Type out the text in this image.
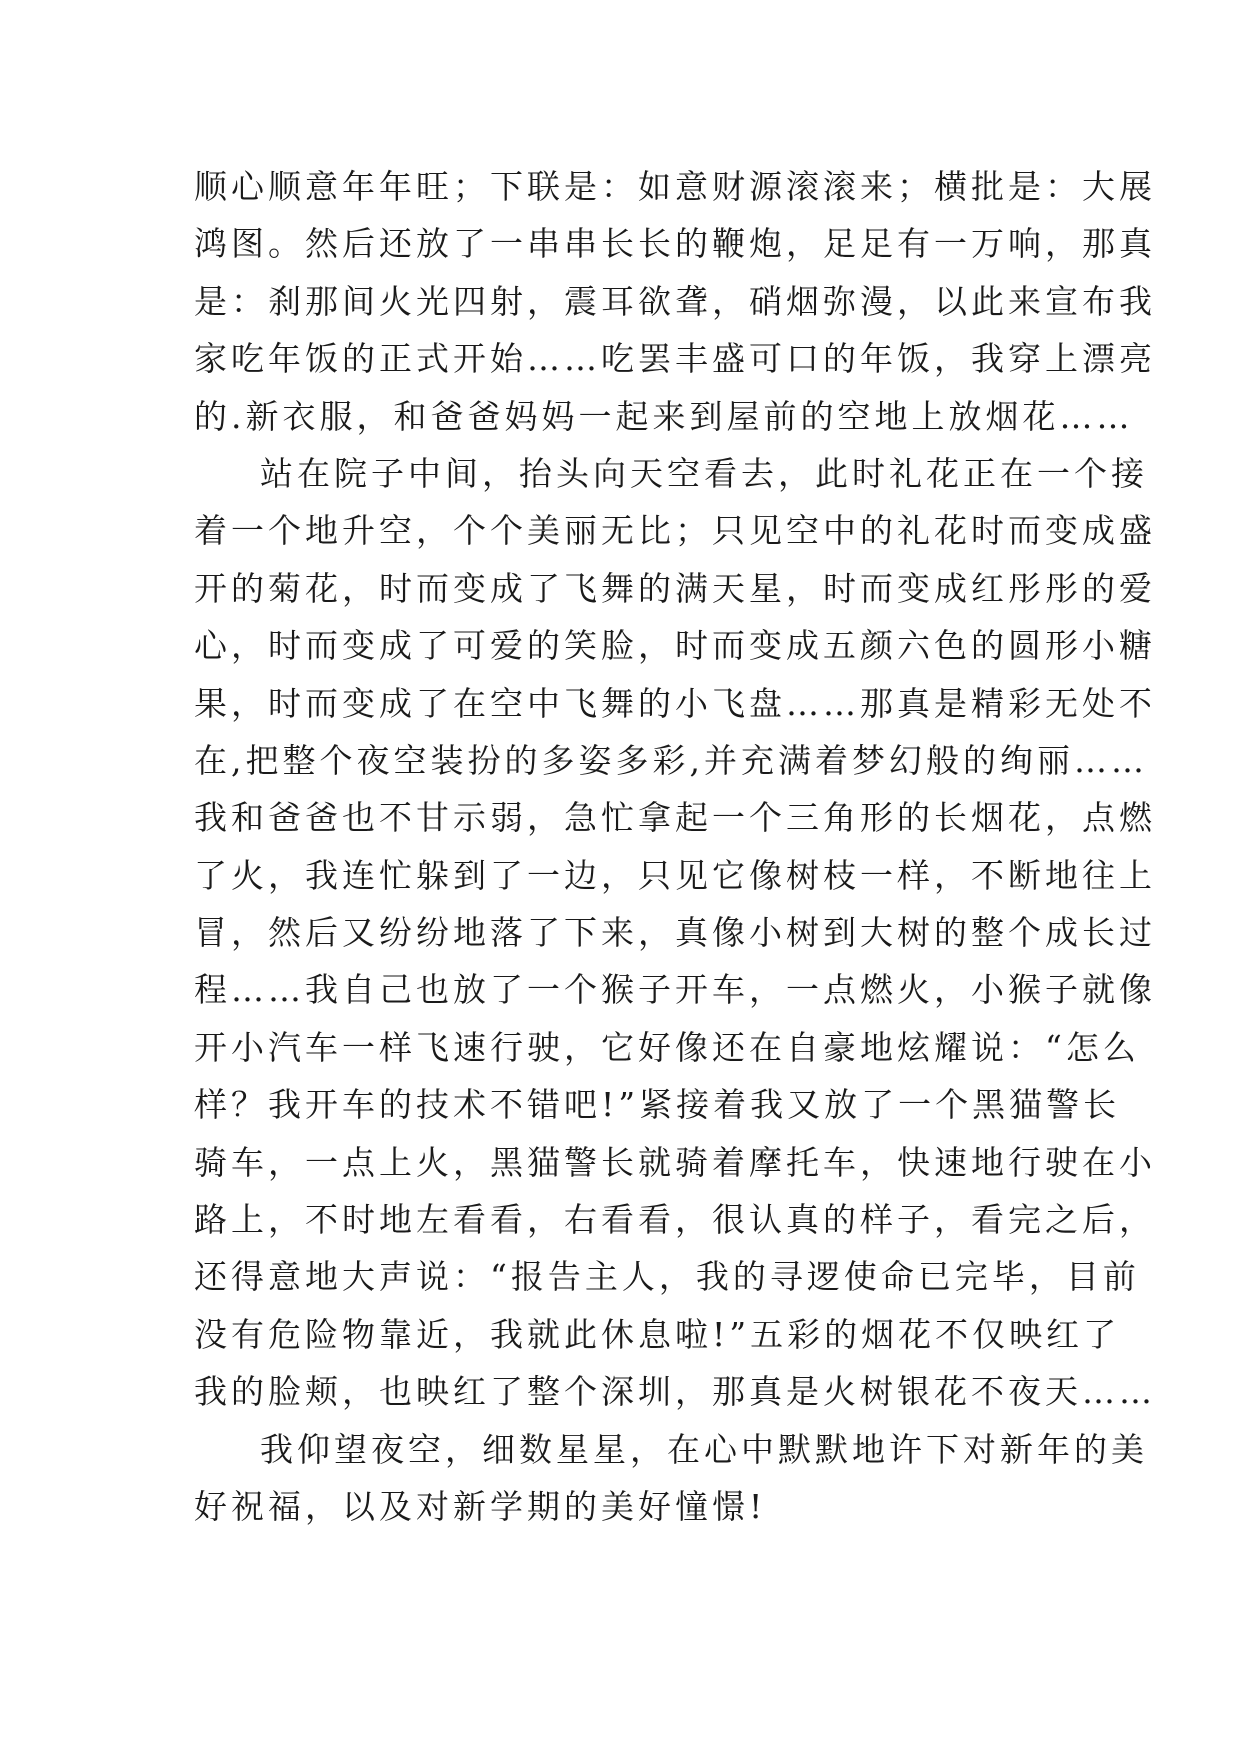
顺心顺意年年旺；下联是：如意财源滚滚来；横批是：大展
鸿图。然后还放了一串串长长的鞭炮，足足有一万响，那真
是：刹那间火光四射，震耳欲聋，硝烟弥漫，以此来宣布我
家吃年饭的正式开始……吃罢丰盛可口的年饭，我穿上漂亮
的.新衣服，和爸爸妈妈一起来到屋前的空地上放烟花……
站在院子中间，抬头向天空看去，此时礼花正在一个接
着一个地升空，个个美丽无比；只见空中的礼花时而变成盛
开的菊花，时而变成了飞舞的满天星，时而变成红彤彤的爱
心，时而变成了可爱的笑脸，时而变成五颜六色的圆形小糖
果，时而变成了在空中飞舞的小飞盘……那真是精彩无处不
在,把整个夜空装扮的多姿多彩,并充满着梦幻般的绚丽……
我和爸爸也不甘示弱，急忙拿起一个三角形的长烟花，点燃
了火，我连忙躲到了一边，只见它像树枝一样，不断地往上
冒，然后又纷纷地落了下来，真像小树到大树的整个成长过
程……我自己也放了一个猴子开车，一点燃火，小猴子就像
开小汽车一样飞速行驶，它好像还在自豪地炫耀说：“怎么
样？我开车的技术不错吧!”紧接着我又放了一个黑猫警长
骑车，一点上火，黑猫警长就骑着摩托车，快速地行驶在小
路上，不时地左看看，右看看，很认真的样子，看完之后，
还得意地大声说：“报告主人，我的寻逻使命已完毕，目前
没有危险物靠近，我就此休息啦!”五彩的烟花不仅映红了
我的脸颊，也映红了整个深圳，那真是火树银花不夜天……
我仰望夜空，细数星星，在心中默默地许下对新年的美
好祝福，以及对新学期的美好憧憬!
